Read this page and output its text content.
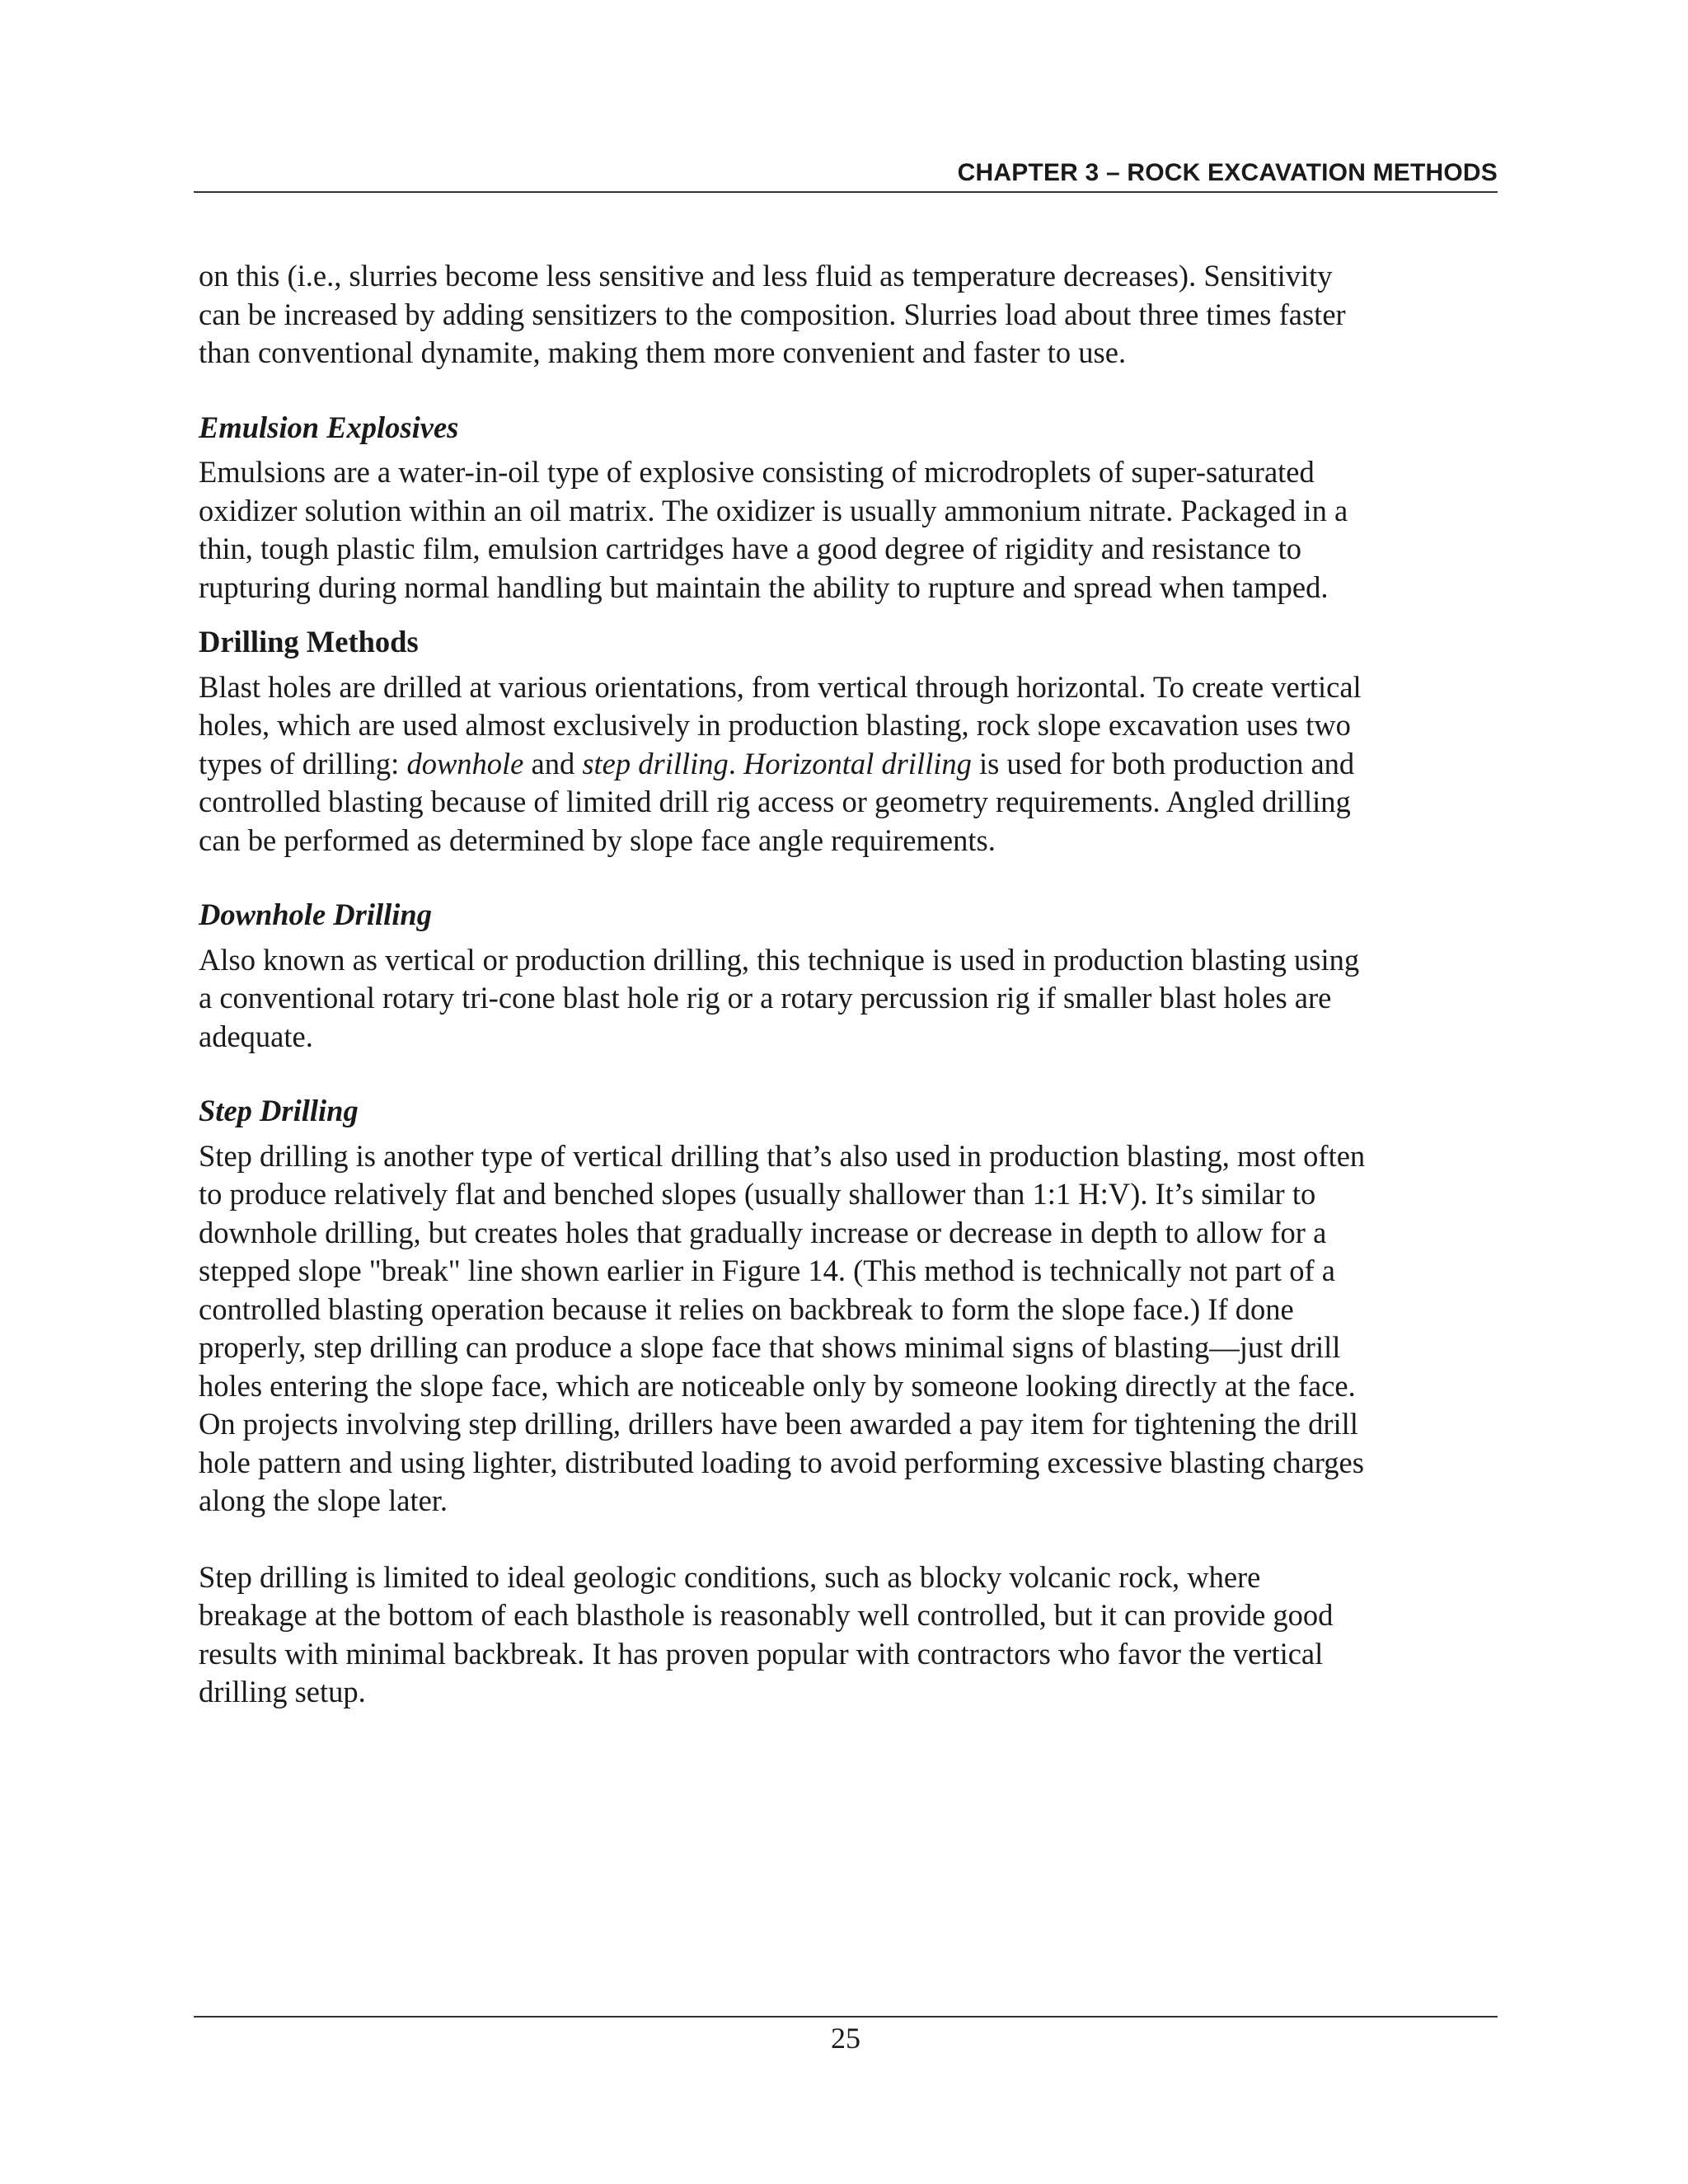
CHAPTER 3 – ROCK EXCAVATION METHODS

on this (i.e., slurries become less sensitive and less fluid as temperature decreases). Sensitivity
can be increased by adding sensitizers to the composition. Slurries load about three times faster
than conventional dynamite, making them more convenient and faster to use.

Emulsion Explosives

Emulsions are a water-in-oil type of explosive consisting of microdroplets of super-saturated
oxidizer solution within an oil matrix. The oxidizer is usually ammonium nitrate. Packaged in a
thin, tough plastic film, emulsion cartridges have a good degree of rigidity and resistance to
rupturing during normal handling but maintain the ability to rupture and spread when tamped.

Drilling Methods

Blast holes are drilled at various orientations, from vertical through horizontal. To create vertical
holes, which are used almost exclusively in production blasting, rock slope excavation uses two
types of drilling: downhole and step drilling. Horizontal drilling is used for both production and
controlled blasting because of limited drill rig access or geometry requirements. Angled drilling
can be performed as determined by slope face angle requirements.

Downhole Drilling

Also known as vertical or production drilling, this technique is used in production blasting using
a conventional rotary tri-cone blast hole rig or a rotary percussion rig if smaller blast holes are
adequate.

Step Drilling

Step drilling is another type of vertical drilling that’s also used in production blasting, most often
to produce relatively flat and benched slopes (usually shallower than 1:1 H:V). It’s similar to
downhole drilling, but creates holes that gradually increase or decrease in depth to allow for a
stepped slope "break" line shown earlier in Figure 14. (This method is technically not part of a
controlled blasting operation because it relies on backbreak to form the slope face.) If done
properly, step drilling can produce a slope face that shows minimal signs of blasting—just drill
holes entering the slope face, which are noticeable only by someone looking directly at the face.
On projects involving step drilling, drillers have been awarded a pay item for tightening the drill
hole pattern and using lighter, distributed loading to avoid performing excessive blasting charges
along the slope later.

Step drilling is limited to ideal geologic conditions, such as blocky volcanic rock, where
breakage at the bottom of each blasthole is reasonably well controlled, but it can provide good
results with minimal backbreak. It has proven popular with contractors who favor the vertical
drilling setup.

25
